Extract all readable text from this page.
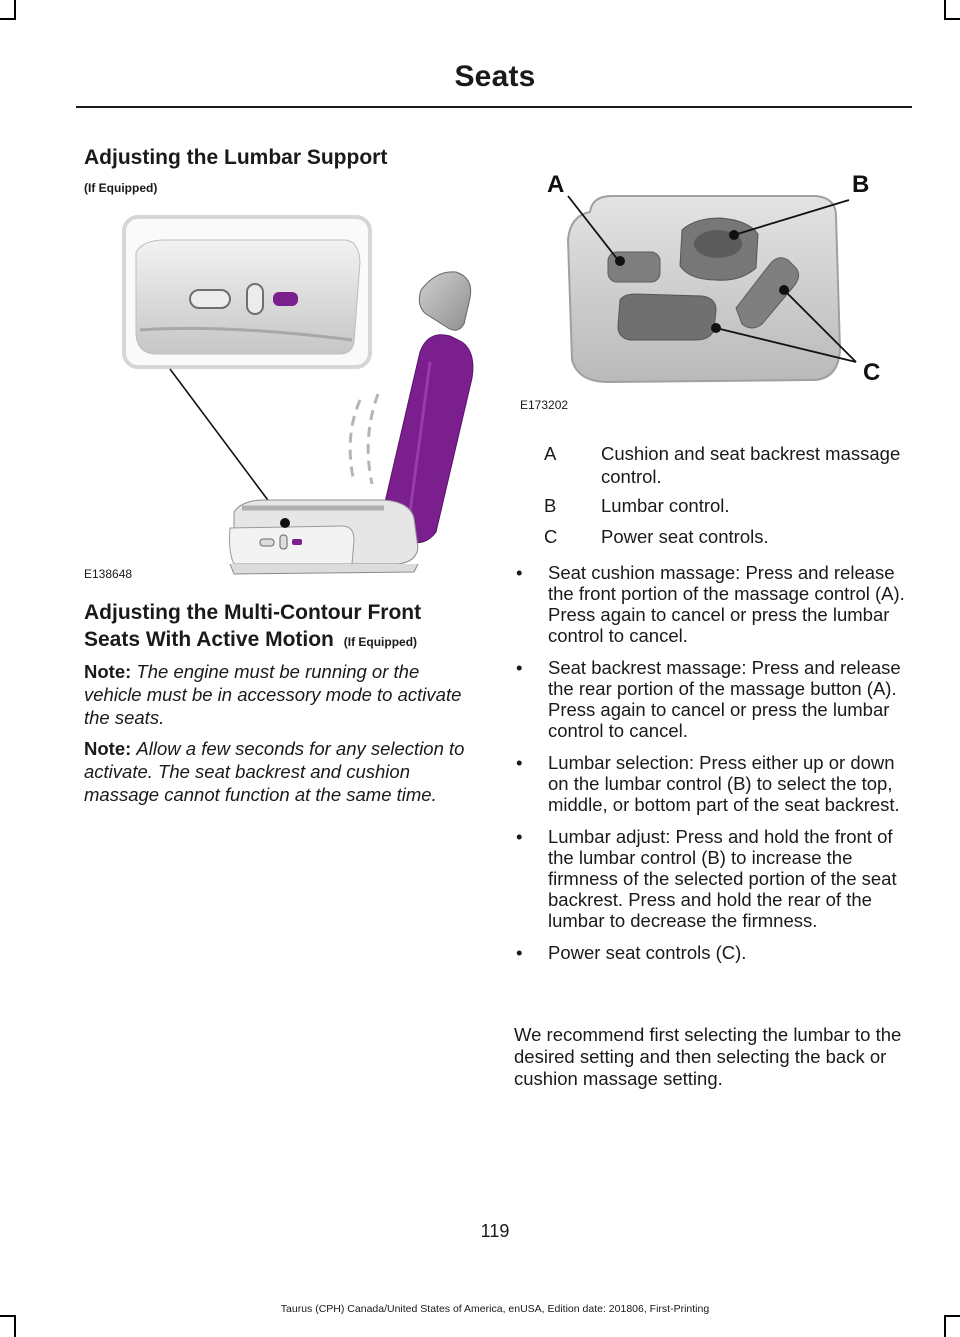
Seats
Adjusting the Lumbar Support
(If Equipped)
E138648
Adjusting the Multi-Contour Front Seats With Active Motion (If Equipped)
Note: The engine must be running or the vehicle must be in accessory mode to activate the seats.
Note: Allow a few seconds for any selection to activate. The seat backrest and cushion massage cannot function at the same time.
A	B
C
E173202
A Cushion and seat backrest massage control.
B Lumbar control.
C Power seat controls.
• Seat cushion massage: Press and release the front portion of the massage control (A). Press again to cancel or press the lumbar control to cancel.
• Seat backrest massage: Press and release the rear portion of the massage button (A). Press again to cancel or press the lumbar control to cancel.
• Lumbar selection: Press either up or down on the lumbar control (B) to select the top, middle, or bottom part of the seat backrest.
• Lumbar adjust: Press and hold the front of the lumbar control (B) to increase the firmness of the selected portion of the seat backrest. Press and hold the rear of the lumbar to decrease the firmness.
• Power seat controls (C).
We recommend first selecting the lumbar to the desired setting and then selecting the back or cushion massage setting.
119
Taurus (CPH) Canada/United States of America, enUSA, Edition date: 201806, First-Printing
